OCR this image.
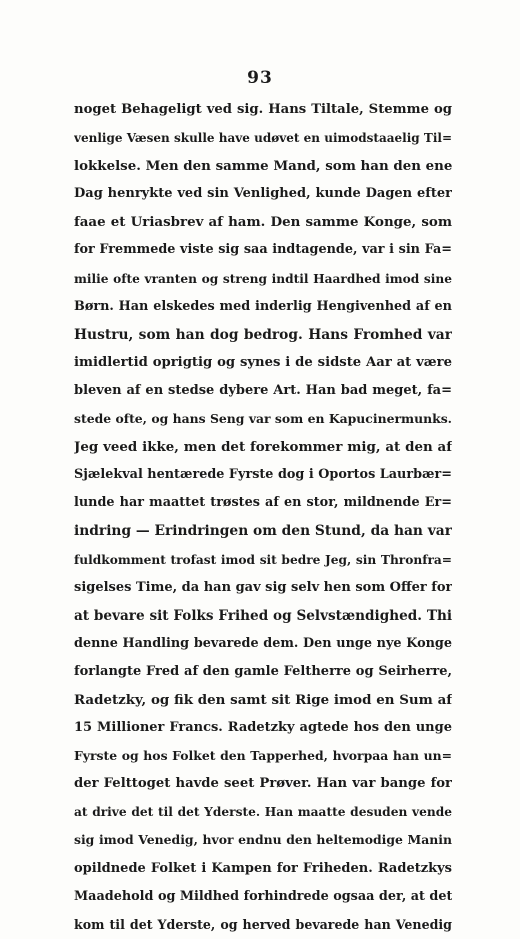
93
noget Behageligt ved sig. Hans Tiltale, Stemme og
venlige Væsen skulle have udøvet en uimodstaaelig Til=
lokkelse. Men den samme Mand, som han den ene
Dag henrykte ved sin Venlighed, kunde Dagen efter
faae et Uriasbrev af ham. Den samme Konge, som
for Fremmede viste sig saa indtagende, var i sin Fa=
milie ofte vranten og streng indtil Haardhed imod sine
Børn. Han elskedes med inderlig Hengivenhed af en
Hustru, som han dog bedrog. Hans Fromhed var
imidlertid oprigtig og synes i de sidste Aar at være
bleven af en stedse dybere Art. Han bad meget, fa=
stede ofte, og hans Seng var som en Kapucinermunks.
Jeg veed ikke, men det forekommer mig, at den af
Sjælekval hentærede Fyrste dog i Oportos Laurbær=
lunde har maattet trøstes af en stor, mildnende Er=
indring — Erindringen om den Stund, da han var
fuldkomment trofast imod sit bedre Jeg, sin Thronfra=
sigelses Time, da han gav sig selv hen som Offer for
at bevare sit Folks Frihed og Selvstændighed. Thi
denne Handling bevarede dem. Den unge nye Konge
forlangte Fred af den gamle Feltherre og Seirherre,
Radetzky, og fik den samt sit Rige imod en Sum af
15 Millioner Francs. Radetzky agtede hos den unge
Fyrste og hos Folket den Tapperhed, hvorpaa han un=
der Felttoget havde seet Prøver. Han var bange for
at drive det til det Yderste. Han maatte desuden vende
sig imod Venedig, hvor endnu den heltemodige Manin
opildnede Folket i Kampen for Friheden. Radetzkys
Maadehold og Mildhed forhindrede ogsaa der, at det
kom til det Yderste, og herved bevarede han Venedig
